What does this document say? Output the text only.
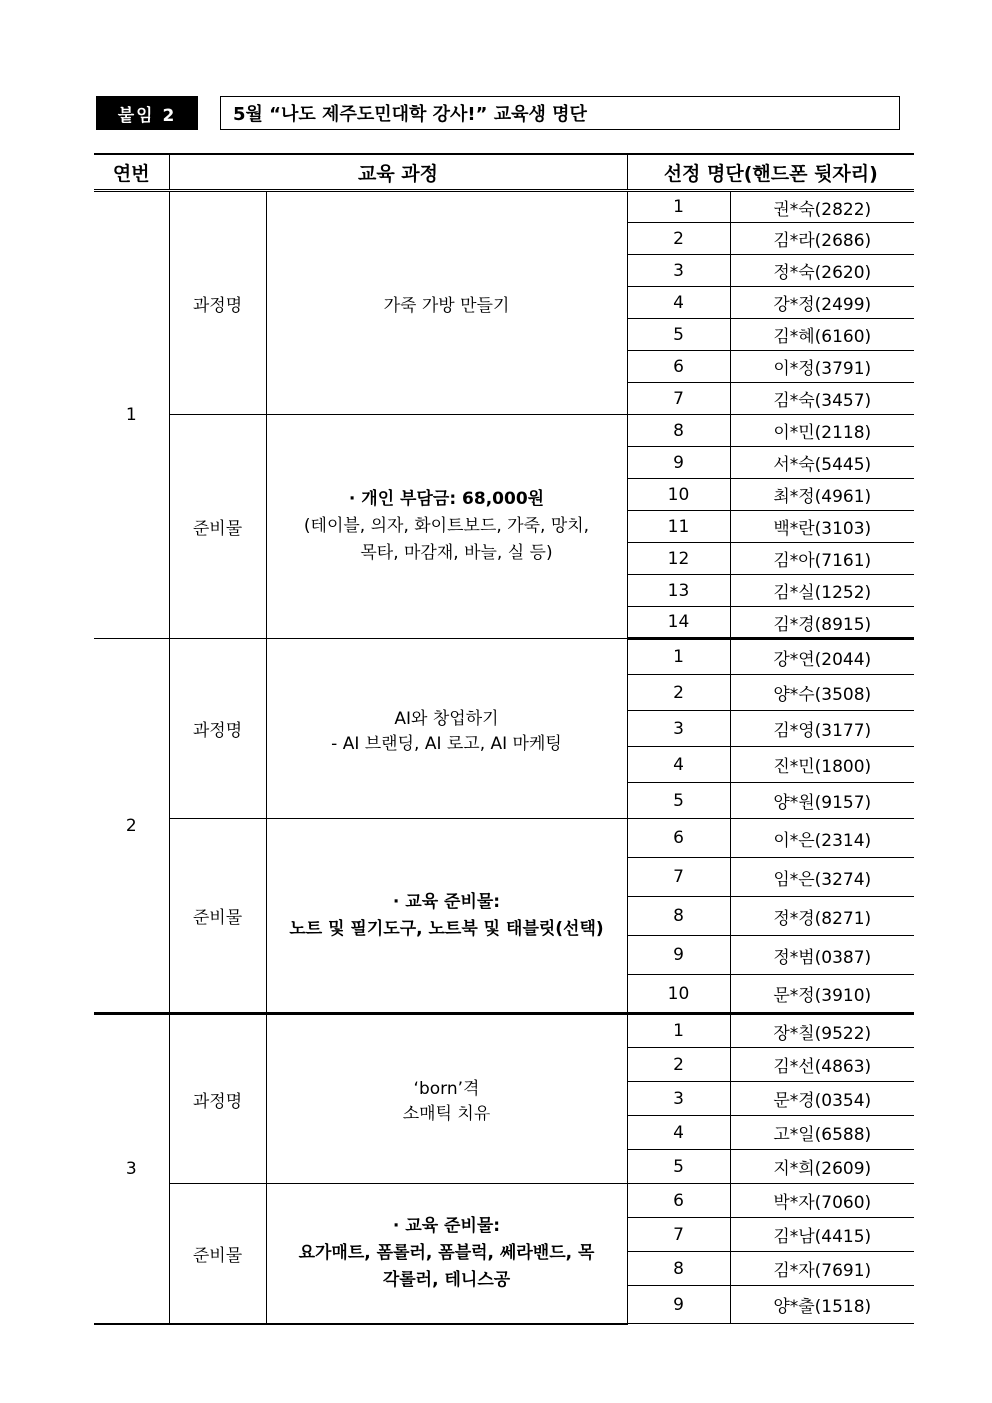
붙임 2	5월 “나도 제주도민대학 강사!” 교육생 명단
연번	교육 과정		선정 명단(핸드폰 뒷자리)	
1	과정명	가죽 가방 만들기	1	권*숙(2822)
			2	김*라(2686)
			3	정*숙(2620)
			4	강*정(2499)
			5	김*혜(6160)
			6	이*정(3791)
			7	김*숙(3457)
	준비물	· 개인 부담금: 68,000원
(테이블, 의자, 화이트보드, 가죽, 망치,
목타, 마감재, 바늘, 실 등)	8	이*민(2118)
			9	서*숙(5445)
			10	최*정(4961)
			11	백*란(3103)
			12	김*아(7161)
			13	김*실(1252)
			14	김*경(8915)
2	과정명	AI와 창업하기
- AI 브랜딩, AI 로고, AI 마케팅	1	강*연(2044)
			2	양*수(3508)
			3	김*영(3177)
			4	진*민(1800)
			5	양*원(9157)
	준비물	· 교육 준비물:
노트 및 필기도구, 노트북 및 태블릿(선택)	6	이*은(2314)
			7	임*은(3274)
			8	정*경(8271)
			9	정*범(0387)
			10	문*정(3910)
3	과정명	‘born’격
소매틱 치유	1	장*칠(9522)
			2	김*선(4863)
			3	문*경(0354)
			4	고*일(6588)
			5	지*희(2609)
	준비물	· 교육 준비물:
요가매트, 폼롤러, 폼블럭, 쎄라밴드, 목
각롤러, 테니스공	6	박*자(7060)
			7	김*남(4415)
			8	김*자(7691)
			9	양*출(1518)
